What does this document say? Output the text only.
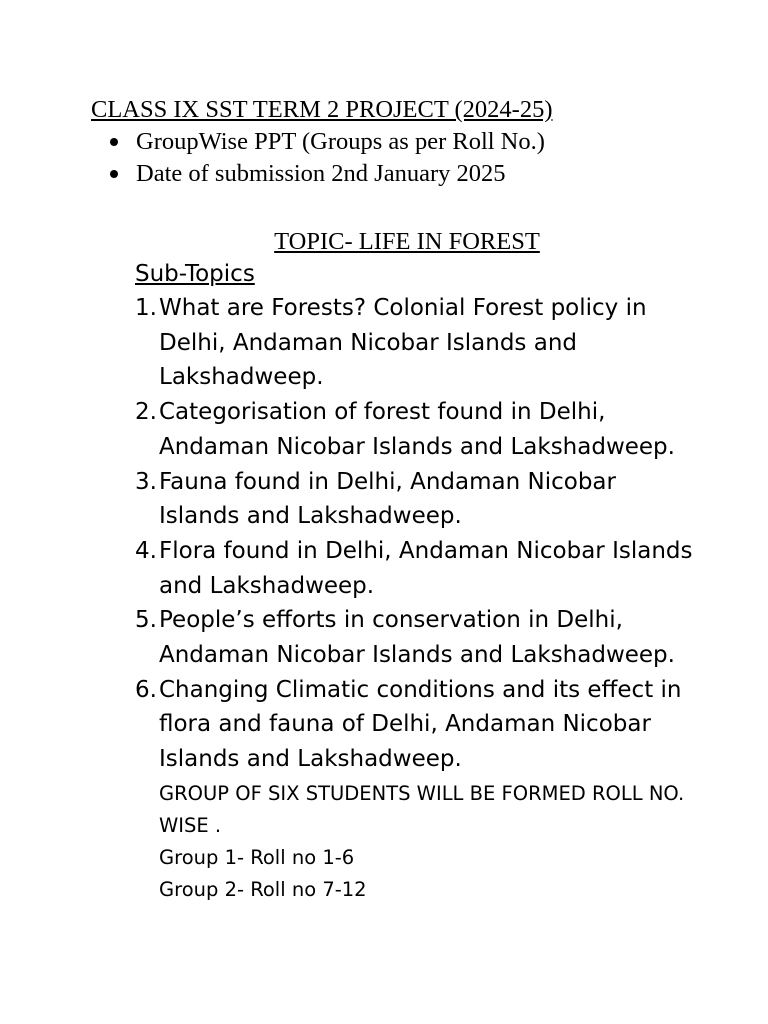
CLASS IX SST TERM 2 PROJECT (2024-25)
GroupWise PPT (Groups as per Roll No.)
Date of submission 2nd January 2025
TOPIC- LIFE IN FOREST
Sub-Topics
1. What are Forests? Colonial Forest policy in Delhi, Andaman Nicobar Islands and Lakshadweep.
2. Categorisation of forest found in Delhi, Andaman Nicobar Islands and Lakshadweep.
3. Fauna found in Delhi, Andaman Nicobar Islands and Lakshadweep.
4. Flora found in Delhi, Andaman Nicobar Islands and Lakshadweep.
5. People’s efforts in conservation in Delhi, Andaman Nicobar Islands and Lakshadweep.
6. Changing Climatic conditions and its effect in flora and fauna of Delhi, Andaman Nicobar Islands and Lakshadweep.
GROUP OF SIX STUDENTS WILL BE FORMED ROLL NO. WISE .
Group 1- Roll no 1-6
Group 2- Roll no 7-12
